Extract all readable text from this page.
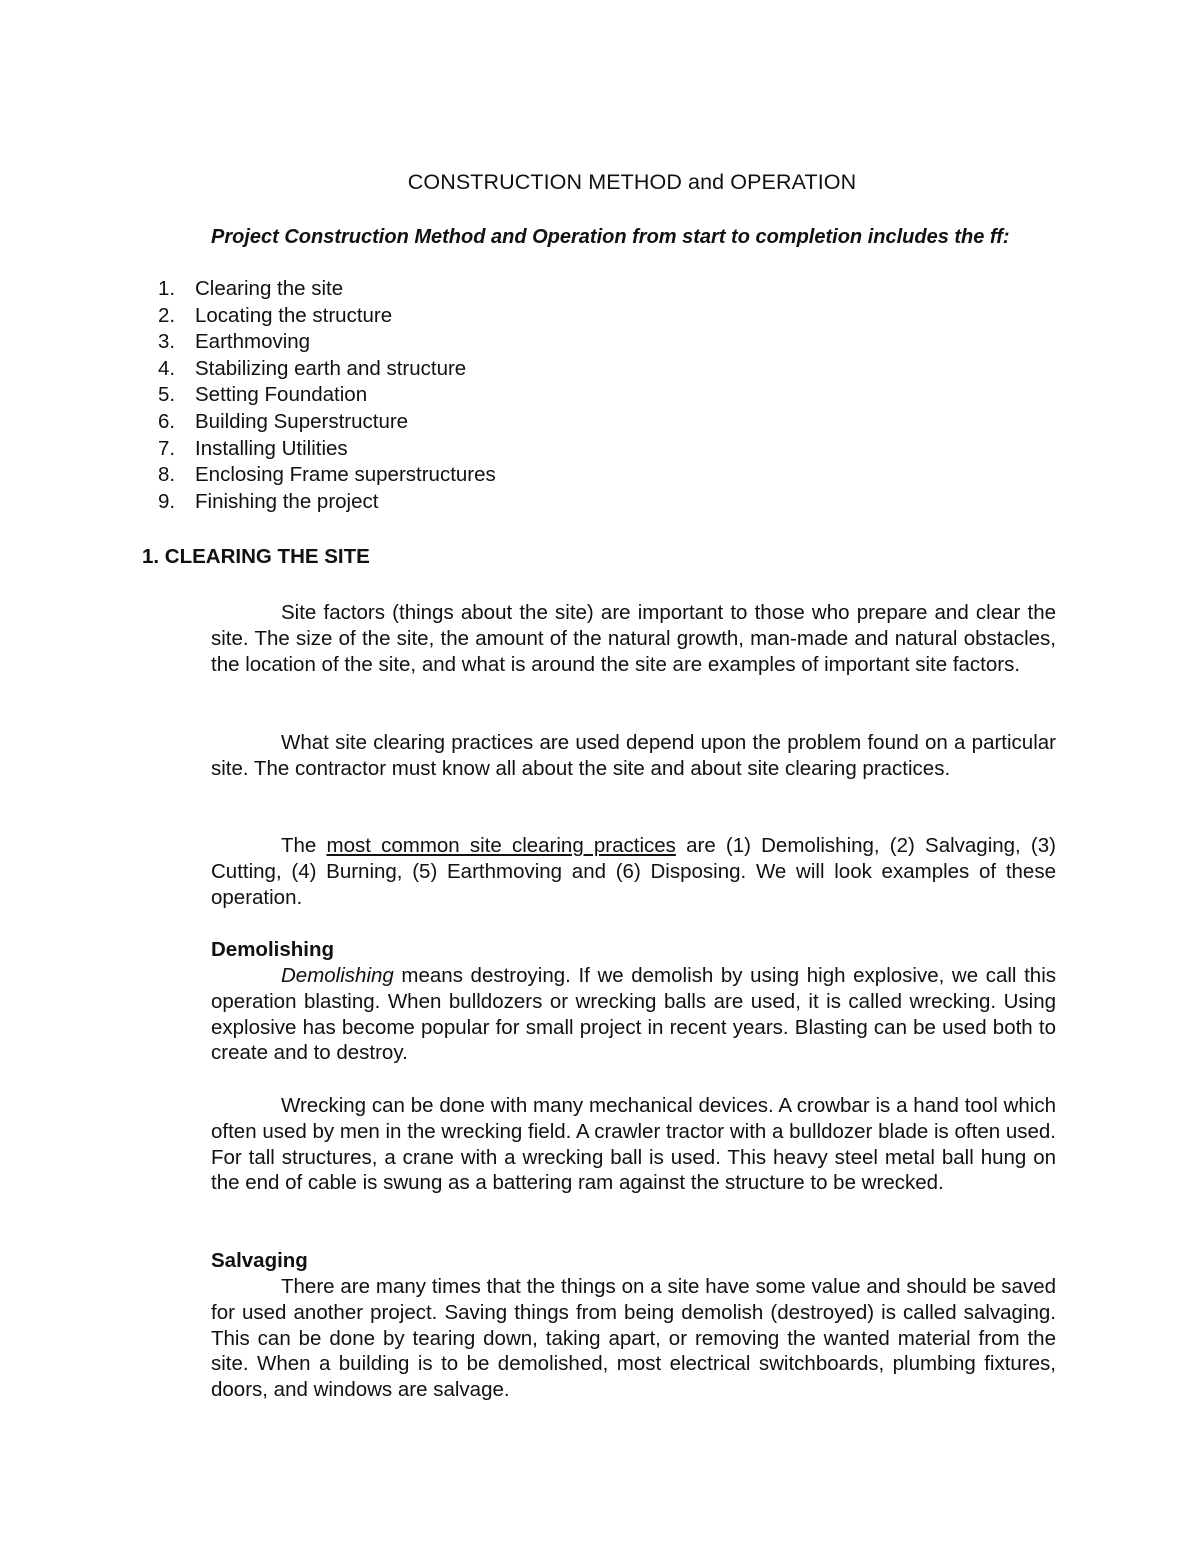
CONSTRUCTION METHOD and OPERATION
Project Construction Method and Operation from start to completion includes the ff:
1. Clearing the site
2. Locating the structure
3. Earthmoving
4. Stabilizing earth and structure
5. Setting Foundation
6. Building Superstructure
7. Installing Utilities
8. Enclosing Frame superstructures
9. Finishing the project
1. CLEARING THE SITE

Site factors (things about the site) are important to those who prepare and clear the site. The size of the site, the amount of the natural growth, man-made and natural obstacles, the location of the site, and what is around the site are examples of important site factors.

What site clearing practices are used depend upon the problem found on a particular site. The contractor must know all about the site and about site clearing practices.

The most common site clearing practices are (1) Demolishing, (2) Salvaging, (3) Cutting, (4) Burning, (5) Earthmoving and (6) Disposing. We will look examples of these operation.

Demolishing

Demolishing means destroying. If we demolish by using high explosive, we call this operation blasting. When bulldozers or wrecking balls are used, it is called wrecking. Using explosive has become popular for small project in recent years. Blasting can be used both to create and to destroy.

Wrecking can be done with many mechanical devices. A crowbar is a hand tool which often used by men in the wrecking field. A crawler tractor with a bulldozer blade is often used. For tall structures, a crane with a wrecking ball is used. This heavy steel metal ball hung on the end of cable is swung as a battering ram against the structure to be wrecked.

Salvaging

There are many times that the things on a site have some value and should be saved for used another project. Saving things from being demolish (destroyed) is called salvaging. This can be done by tearing down, taking apart, or removing the wanted material from the site. When a building is to be demolished, most electrical switchboards, plumbing fixtures, doors, and windows are salvage.
